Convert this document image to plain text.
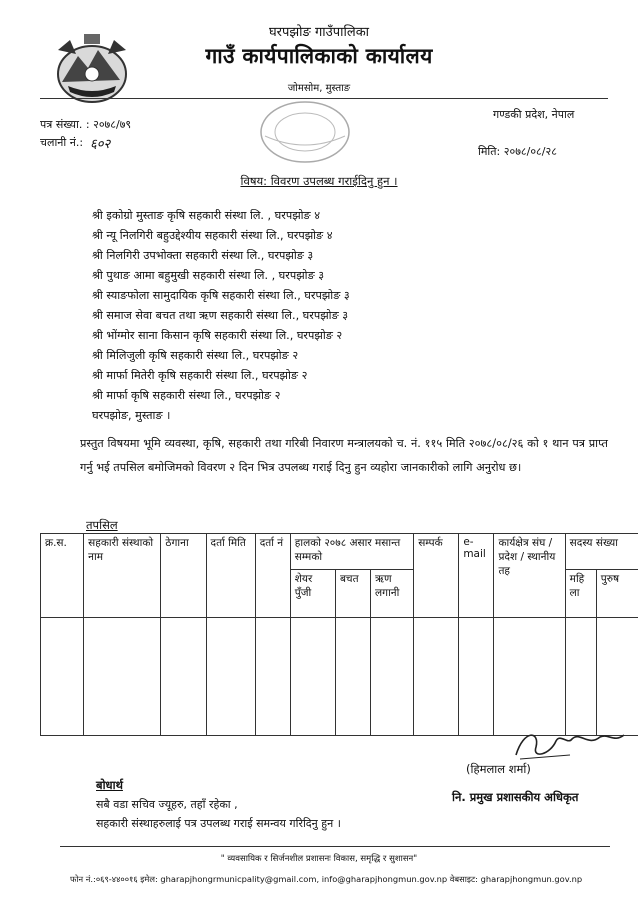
घरपझोङ गाउँपालिका
गाउँ कार्यपालिकाको कार्यालय
जोमसोम, मुस्ताङ
पत्र संख्या. : २०७८/७९
चलानी नं.: ६०२
गण्डकी प्रदेश, नेपाल
मिति: २०७८/०८/२८
विषय: विवरण उपलब्ध गराईदिनु हुन ।
श्री इकोग्रो मुस्ताङ कृषि सहकारी संस्था लि. , घरपझोङ ४
श्री न्यू निलगिरी बहुउद्देश्यीय सहकारी संस्था लि., घरपझोङ ४
श्री निलगिरी उपभोक्ता सहकारी संस्था लि., घरपझोङ ३
श्री पुथाङ आमा बहुमुखी सहकारी संस्था लि. , घरपझोङ ३
श्री स्याङफोला सामुदायिक कृषि सहकारी संस्था लि., घरपझोङ ३
श्री समाज सेवा बचत तथा ऋण सहकारी संस्था लि., घरपझोङ ३
श्री भोंग्मोर साना किसान कृषि सहकारी संस्था लि., घरपझोङ २
श्री मिलिजुली कृषि सहकारी संस्था लि., घरपझोङ २
श्री मार्फा मितेरी कृषि सहकारी संस्था लि., घरपझोङ २
श्री मार्फा कृषि सहकारी संस्था लि., घरपझोङ २
घरपझोङ, मुस्ताङ ।
प्रस्तुत विषयमा भूमि व्यवस्था, कृषि, सहकारी तथा गरिबी निवारण मन्त्रालयको च. नं. ११५ मिति २०७८/०८/२६ को १ थान पत्र प्राप्त गर्नु भई तपसिल बमोजिमको विवरण २ दिन भित्र उपलब्ध गराई दिनु हुन व्यहोरा जानकारीको लागि अनुरोध छ।
तपसिल
क्र.स.	सहकारी संस्थाको नाम	ठेगाना	दर्ता मिति	दर्ता नं	हालको २०७८ असार मसान्त सम्मको			सम्पर्क	e-mail	कार्यक्षेत्र संघ / प्रदेश / स्थानीय तह	सदस्य संख्या	
					शेयर पुँजी	बचत	ऋण लगानी				महि ला	पुरुष

(हिमलाल शर्मा)
नि. प्रमुख प्रशासकीय अधिकृत
बोधार्थ
सबै वडा सचिव ज्यूहरु, तहाँ रहेका ,
सहकारी संस्थाहरुलाई पत्र उपलब्ध गराई समन्वय गरिदिनु हुन ।
" व्यवसायिक र सिर्जनशील प्रशासनः विकास, समृद्धि र सुशासन"
फोन नं.:०६९-४४००१६ इमेल: gharapjhongrmunicpality@gmail.com, info@gharapjhongmun.gov.np वेबसाइट: gharapjhongmun.gov.np
